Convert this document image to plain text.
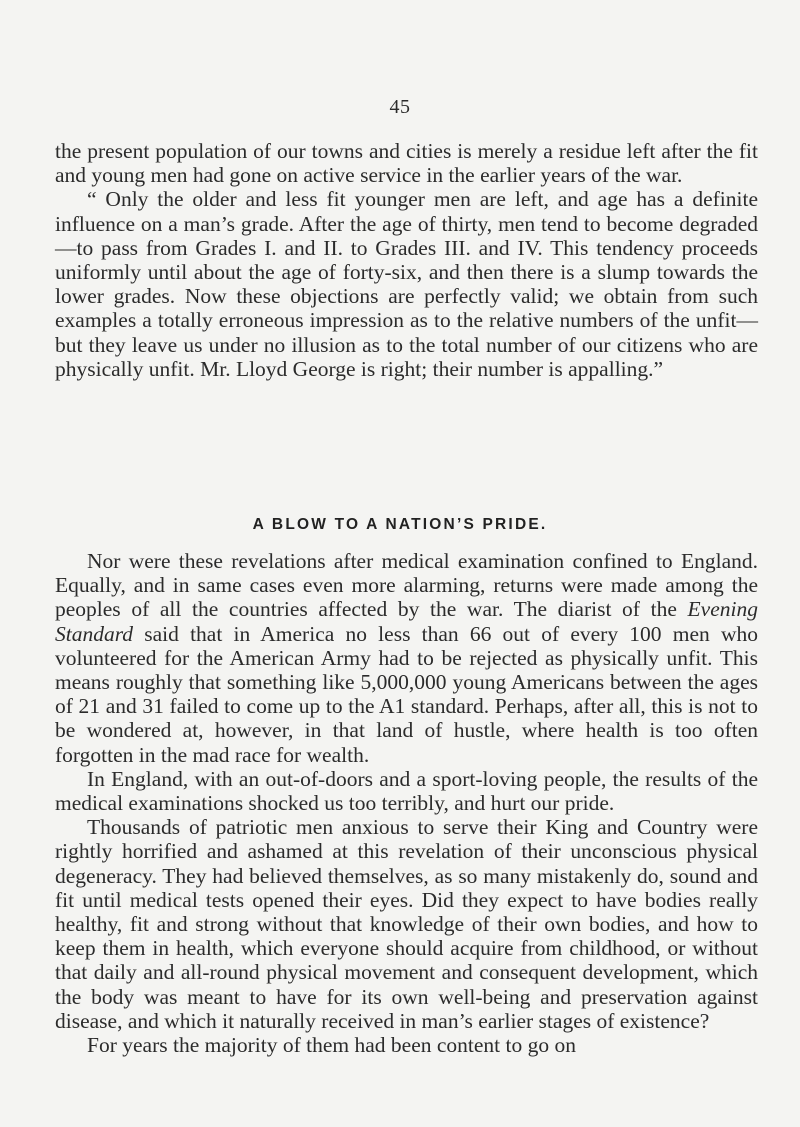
45

the present population of our towns and cities is merely a residue left after the fit and young men had gone on active service in the earlier years of the war.

“ Only the older and less fit younger men are left, and age has a definite influence on a man’s grade. After the age of thirty, men tend to become degraded—to pass from Grades I. and II. to Grades III. and IV. This tendency proceeds uniformly until about the age of forty-six, and then there is a slump towards the lower grades. Now these objections are perfectly valid; we obtain from such examples a totally erroneous impression as to the relative numbers of the unfit—but they leave us under no illusion as to the total number of our citizens who are physically unfit. Mr. Lloyd George is right; their number is appalling.”

A BLOW TO A NATION’S PRIDE.

Nor were these revelations after medical examination confined to England. Equally, and in same cases even more alarming, returns were made among the peoples of all the countries affected by the war. The diarist of the Evening Standard said that in America no less than 66 out of every 100 men who volunteered for the American Army had to be rejected as physically unfit. This means roughly that something like 5,000,000 young Americans between the ages of 21 and 31 failed to come up to the A1 standard. Perhaps, after all, this is not to be wondered at, however, in that land of hustle, where health is too often forgotten in the mad race for wealth.

In England, with an out-of-doors and a sport-loving people, the results of the medical examinations shocked us too terribly, and hurt our pride.

Thousands of patriotic men anxious to serve their King and Country were rightly horrified and ashamed at this revelation of their unconscious physical degeneracy. They had believed themselves, as so many mistakenly do, sound and fit until medical tests opened their eyes. Did they expect to have bodies really healthy, fit and strong without that knowledge of their own bodies, and how to keep them in health, which everyone should acquire from childhood, or without that daily and all-round physical movement and consequent development, which the body was meant to have for its own well-being and preservation against disease, and which it naturally received in man’s earlier stages of existence?

For years the majority of them had been content to go on
